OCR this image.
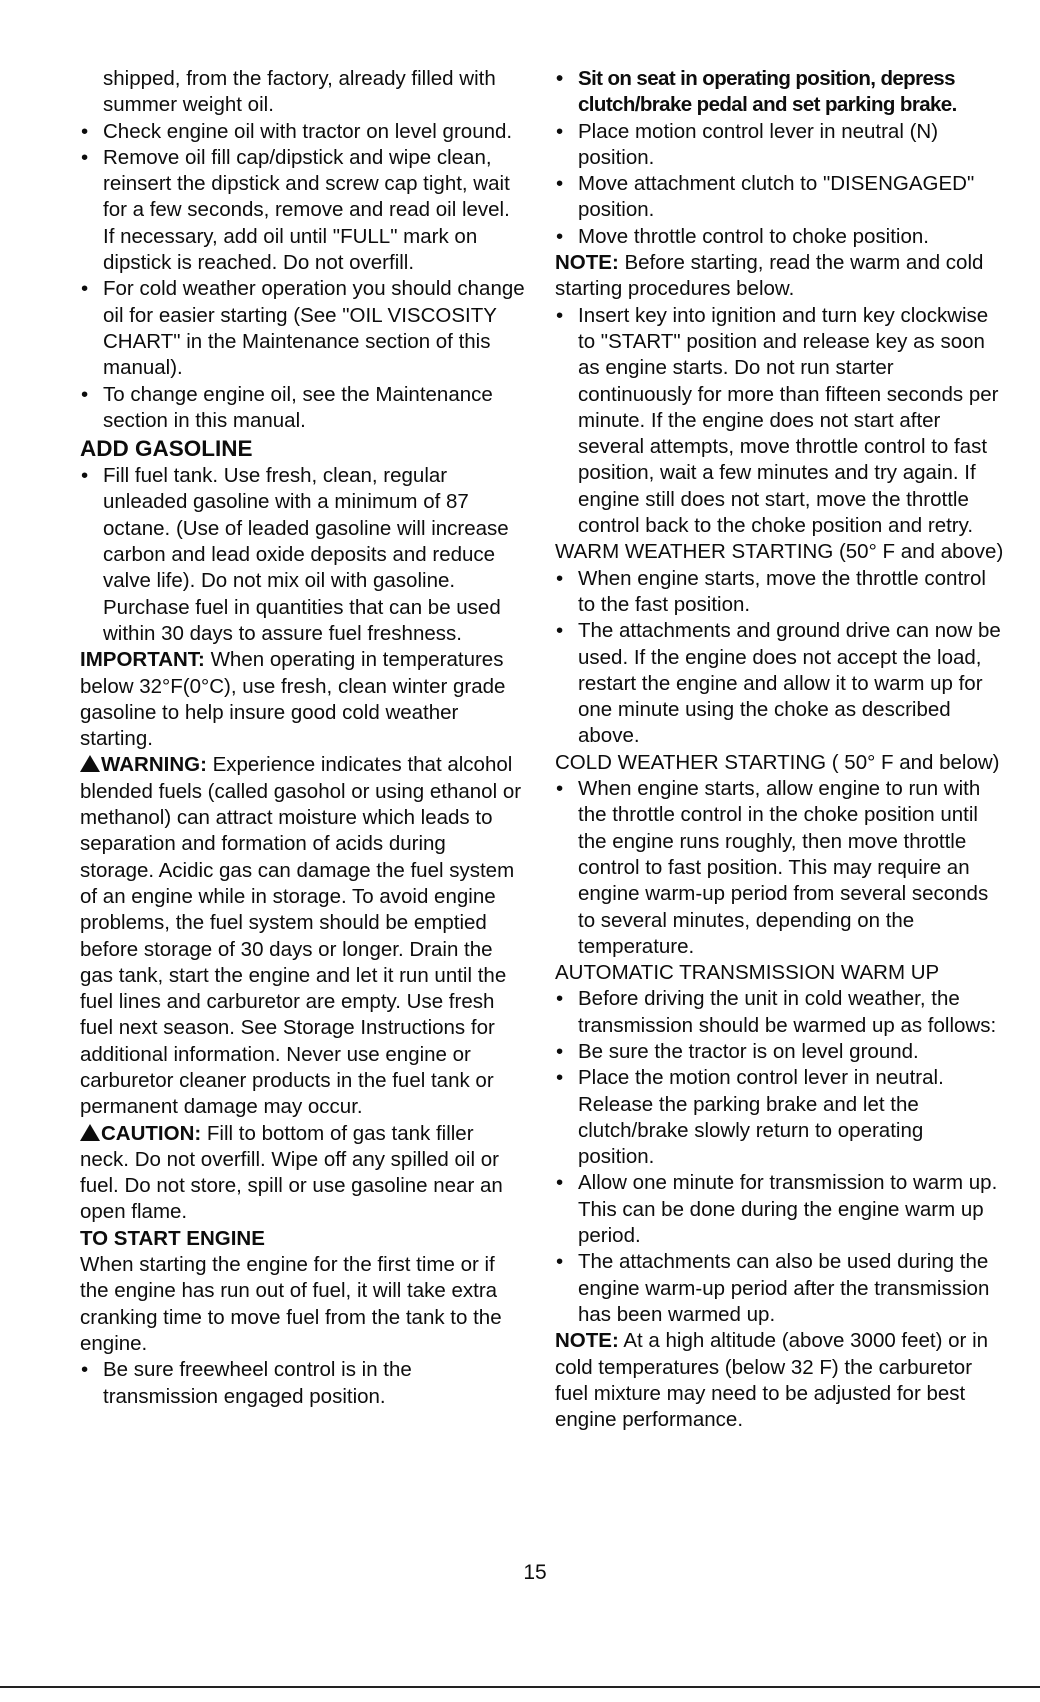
shipped, from the factory, already filled with summer weight oil.

• Check engine oil with tractor on level ground.

• Remove oil fill cap/dipstick and wipe clean, reinsert the dipstick and screw cap tight, wait for a few seconds, remove and read oil level. If necessary, add oil until "FULL" mark on dipstick is reached. Do not overfill.

• For cold weather operation you should change oil for easier starting (See "OIL VISCOSITY CHART" in the Maintenance section of this manual).

• To change engine oil, see the Maintenance section in this manual.

ADD GASOLINE

• Fill fuel tank. Use fresh, clean, regular unleaded gasoline with a minimum of 87 octane. (Use of leaded gasoline will increase carbon and lead oxide deposits and reduce valve life). Do not mix oil with gasoline. Purchase fuel in quantities that can be used within 30 days to assure fuel freshness.

IMPORTANT: When operating in temperatures below 32°F(0°C), use fresh, clean winter grade gasoline to help insure good cold weather starting.

WARNING: Experience indicates that alcohol blended fuels (called gasohol or using ethanol or methanol) can attract moisture which leads to separation and formation of acids during storage. Acidic gas can damage the fuel system of an engine while in storage. To avoid engine problems, the fuel system should be emptied before storage of 30 days or longer. Drain the gas tank, start the engine and let it run until the fuel lines and carburetor are empty. Use fresh fuel next season. See Storage Instructions for additional information. Never use engine or carburetor cleaner products in the fuel tank or permanent damage may occur.

CAUTION: Fill to bottom of gas tank filler neck. Do not overfill. Wipe off any spilled oil or fuel. Do not store, spill or use gasoline near an open flame.

TO START ENGINE

When starting the engine for the first time or if the engine has run out of fuel, it will take extra cranking time to move fuel from the tank to the engine.

• Be sure freewheel control is in the transmission engaged position.

• Sit on seat in operating position, depress clutch/brake pedal and set parking brake.

• Place motion control lever in neutral (N) position.

• Move attachment clutch to "DISENGAGED" position.

• Move throttle control to choke position.

NOTE: Before starting, read the warm and cold starting procedures below.

• Insert key into ignition and turn key clockwise to "START" position and release key as soon as engine starts. Do not run starter continuously for more than fifteen seconds per minute. If the engine does not start after several attempts, move throttle control to fast position, wait a few minutes and try again. If engine still does not start, move the throttle control back to the choke position and retry.

WARM WEATHER STARTING (50° F and above)

• When engine starts, move the throttle control to the fast position.

• The attachments and ground drive can now be used. If the engine does not accept the load, restart the engine and allow it to warm up for one minute using the choke as described above.

COLD WEATHER STARTING ( 50° F and below)

• When engine starts, allow engine to run with the throttle control in the choke position until the engine runs roughly, then move throttle control to fast position. This may require an engine warm-up period from several seconds to several minutes, depending on the temperature.

AUTOMATIC TRANSMISSION WARM UP

• Before driving the unit in cold weather, the transmission should be warmed up as follows:

• Be sure the tractor is on level ground.

• Place the motion control lever in neutral. Release the parking brake and let the clutch/brake slowly return to operating position.

• Allow one minute for transmission to warm up. This can be done during the engine warm up period.

• The attachments can also be used during the engine warm-up period after the transmission has been warmed up.

NOTE: At a high altitude (above 3000 feet) or in cold temperatures (below 32 F) the carburetor fuel mixture may need to be adjusted for best engine performance.

15
